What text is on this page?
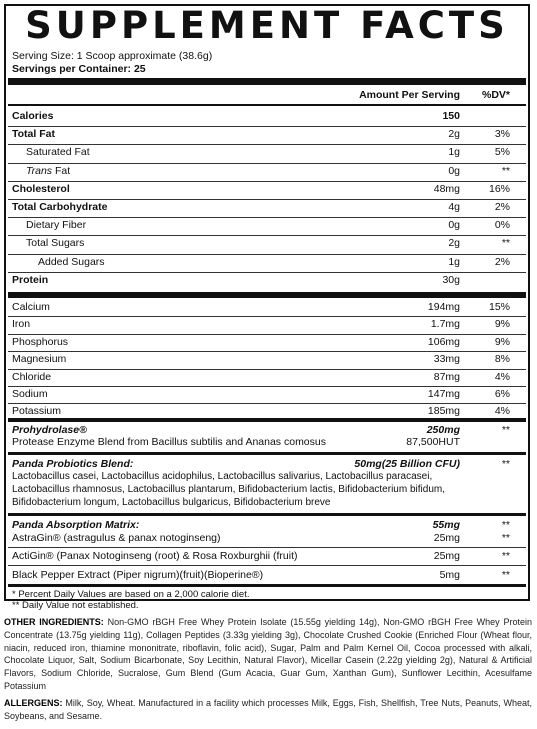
SUPPLEMENT FACTS
Serving Size: 1 Scoop approximate (38.6g)
Servings per Container: 25
Amount Per Serving	%DV*
Calories	150
Total Fat	2g	3%
Saturated Fat	1g	5%
Trans Fat	0g	**
Cholesterol	48mg	16%
Total Carbohydrate	4g	2%
Dietary Fiber	0g	0%
Total Sugars	2g	**
Added Sugars	1g	2%
Protein	30g
Calcium	194mg	15%
Iron	1.7mg	9%
Phosphorus	106mg	9%
Magnesium	33mg	8%
Chloride	87mg	4%
Sodium	147mg	6%
Potassium	185mg	4%
Prohydrolase®	250mg	**
Protease Enzyme Blend from Bacillus subtilis and Ananas comosus	87,500HUT
Panda Probiotics Blend:	50mg(25 Billion CFU)	**
Lactobacillus casei, Lactobacillus acidophilus, Lactobacillus salivarius, Lactobacillus paracasei,
Lactobacillus rhamnosus, Lactobacillus plantarum, Bifidobacterium lactis, Bifidobacterium bifidum,
Bifidobacterium longum, Lactobacillus bulgaricus, Bifidobacterium breve
Panda Absorption Matrix:	55mg	**
AstraGin® (astragulus & panax notoginseng)	25mg	**
ActiGin® (Panax Notoginseng (root) & Rosa Roxburghii (fruit)	25mg	**
Black Pepper Extract (Piper nigrum)(fruit)(Bioperine®)	5mg	**
* Percent Daily Values are based on a 2,000 calorie diet.
** Daily Value not established.
OTHER INGREDIENTS: Non-GMO rBGH Free Whey Protein Isolate (15.55g yielding 14g), Non-GMO rBGH Free Whey Protein Concentrate (13.75g yielding 11g), Collagen Peptides (3.33g yielding 3g), Chocolate Crushed Cookie (Enriched Flour (Wheat flour, niacin, reduced iron, thiamine mononitrate, riboflavin, folic acid), Sugar, Palm and Palm Kernel Oil, Cocoa processed with alkali, Chocolate Liquor, Salt, Sodium Bicarbonate, Soy Lecithin, Natural Flavor), Micellar Casein (2.22g yielding 2g), Natural & Artificial Flavors, Sodium Chloride, Sucralose, Gum Blend (Gum Acacia, Guar Gum, Xanthan Gum), Sunflower Lecithin, Acesulfame Potassium
ALLERGENS: Milk, Soy, Wheat. Manufactured in a facility which processes Milk, Eggs, Fish, Shellfish, Tree Nuts, Peanuts, Wheat, Soybeans, and Sesame.
